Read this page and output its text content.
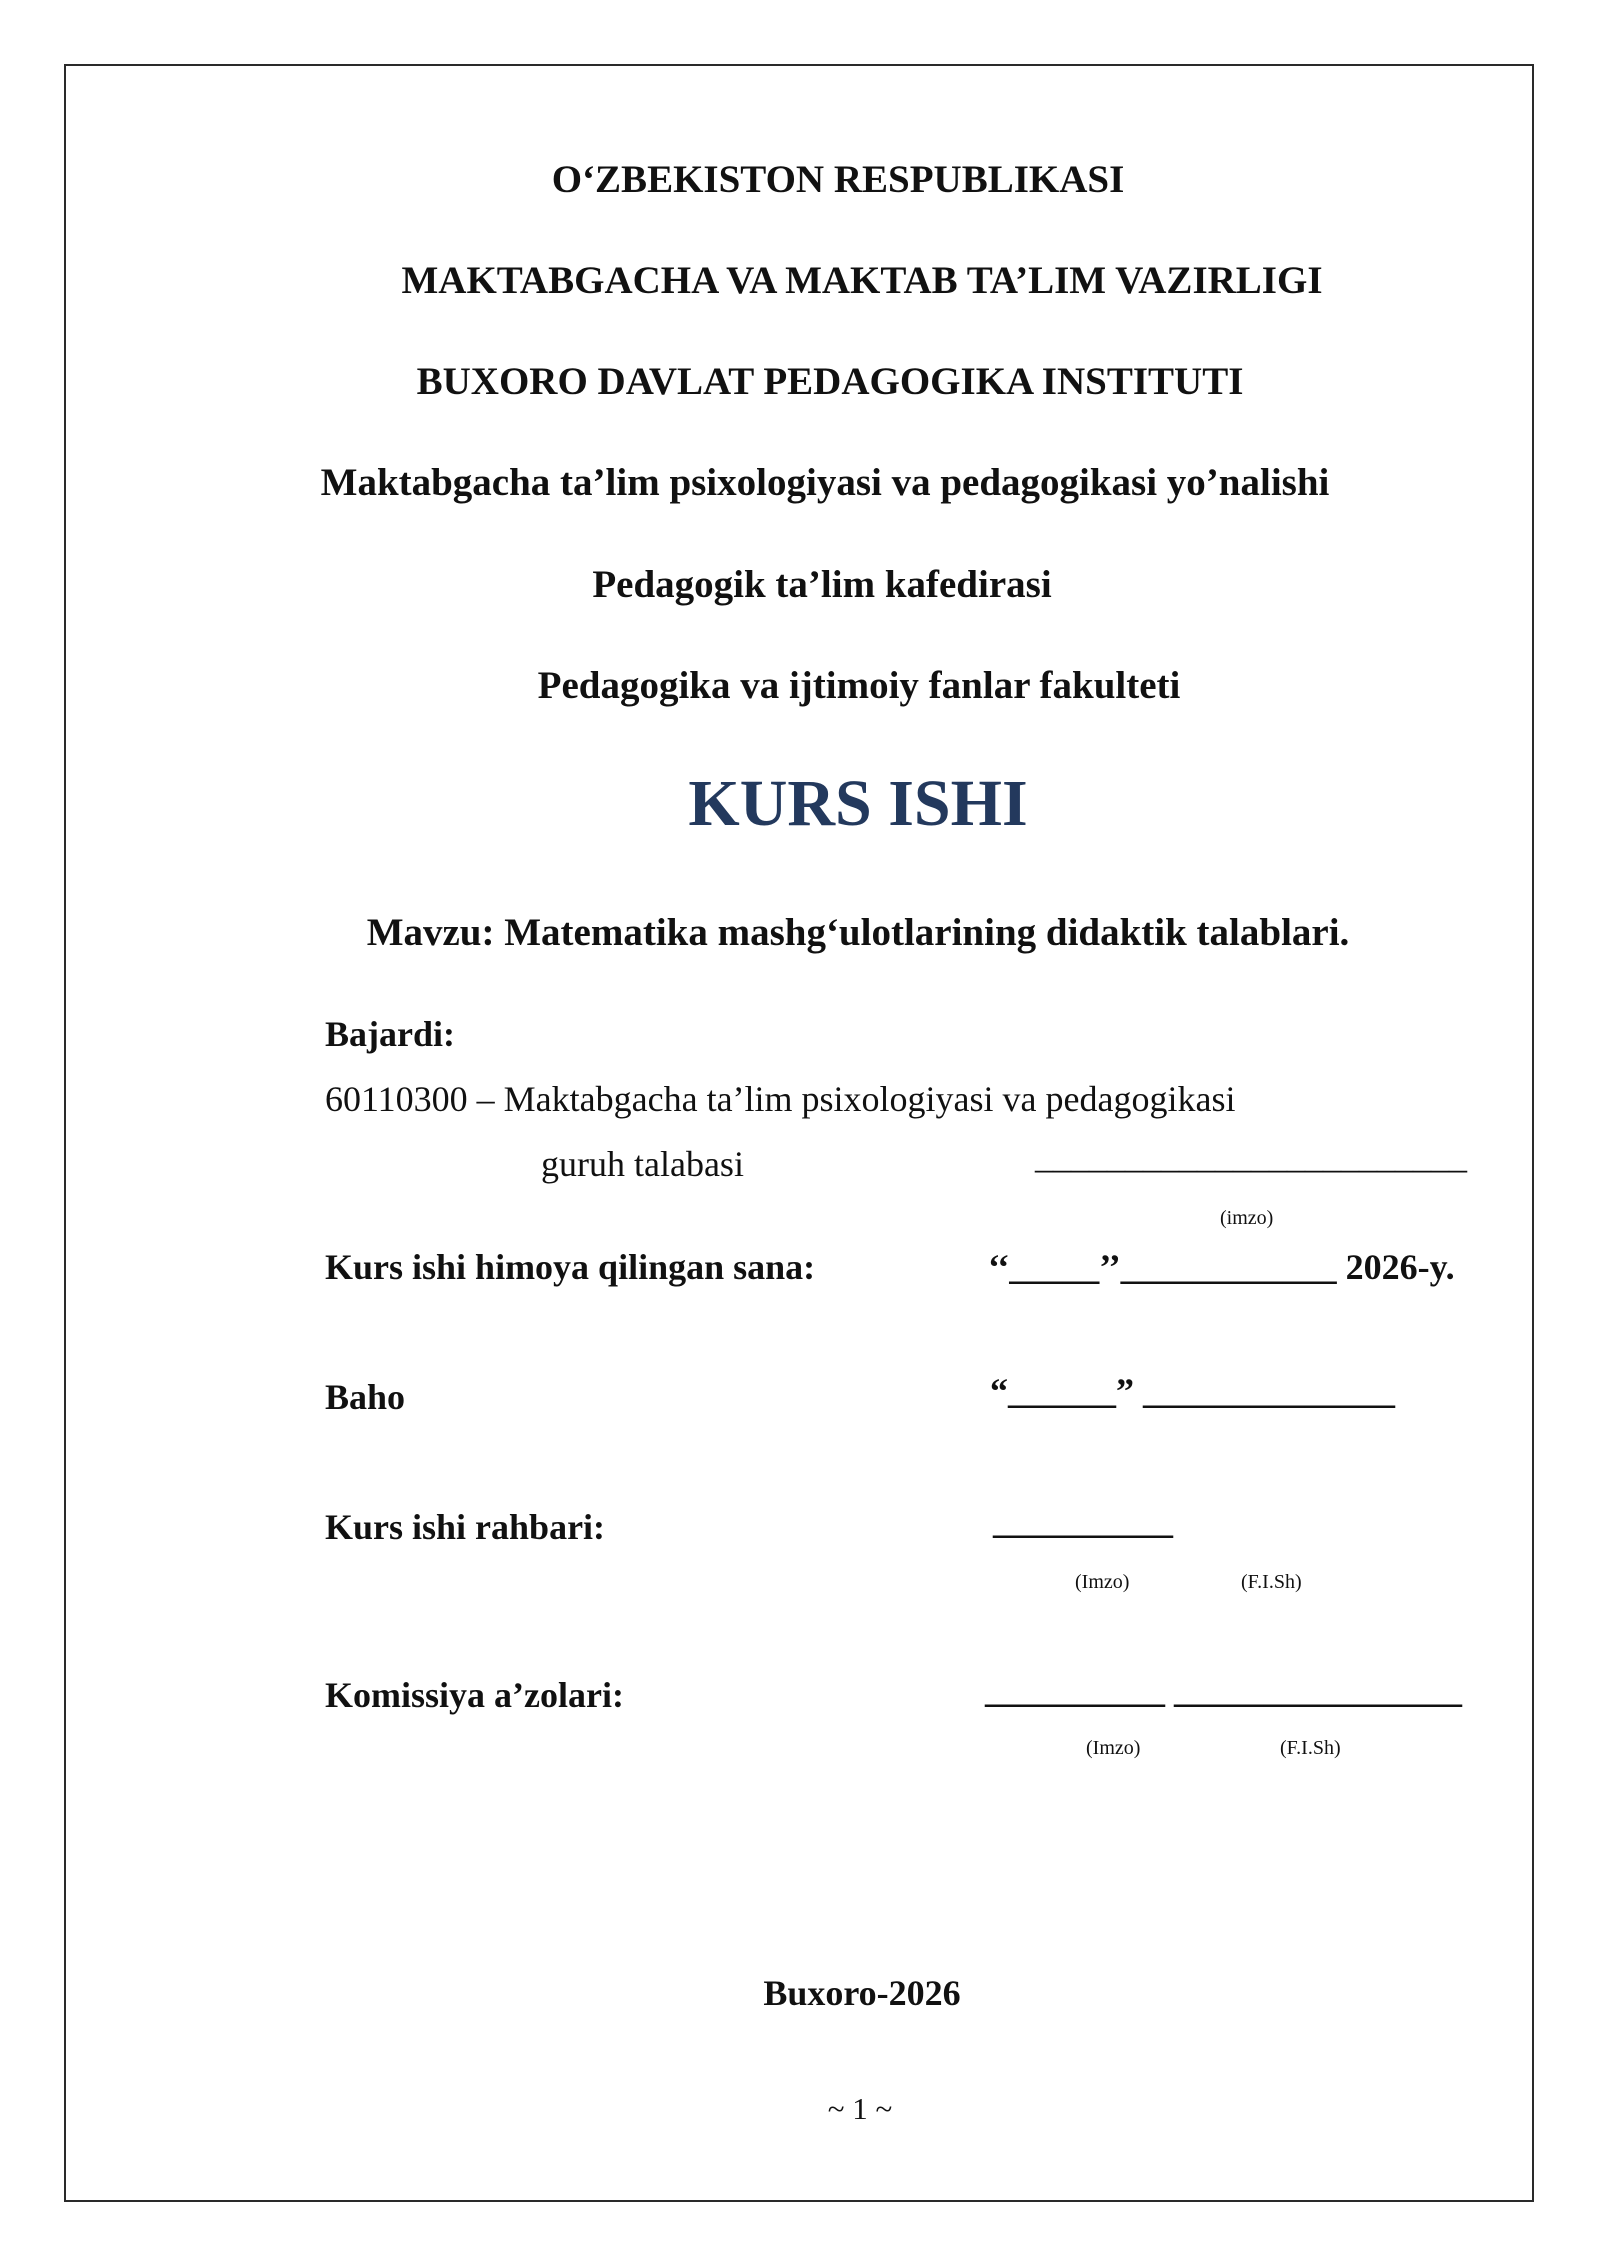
O‘ZBEKISTON RESPUBLIKASI
MAKTABGACHA VA MAKTAB TA’LIM VAZIRLIGI
BUXORO DAVLAT PEDAGOGIKA INSTITUTI
Maktabgacha ta’lim psixologiyasi va pedagogikasi yo’nalishi
Pedagogik ta’lim kafedirasi
Pedagogika va ijtimoiy fanlar fakulteti
KURS ISHI
Mavzu: Matematika mashg‘ulotlarining didaktik talablari.
Bajardi:
60110300 – Maktabgacha ta’lim psixologiyasi va pedagogikasi
guruh talabasi	________________________
(imzo)
Kurs ishi himoya qilingan sana:	‘‘_____’’____________ 2026-y.
Baho	“______” ______________
Kurs ishi rahbari:	__________
(Imzo)	(F.I.Sh)
Komissiya a’zolari:	__________ ________________
(Imzo)	(F.I.Sh)
Buxoro-2026
~ 1 ~
